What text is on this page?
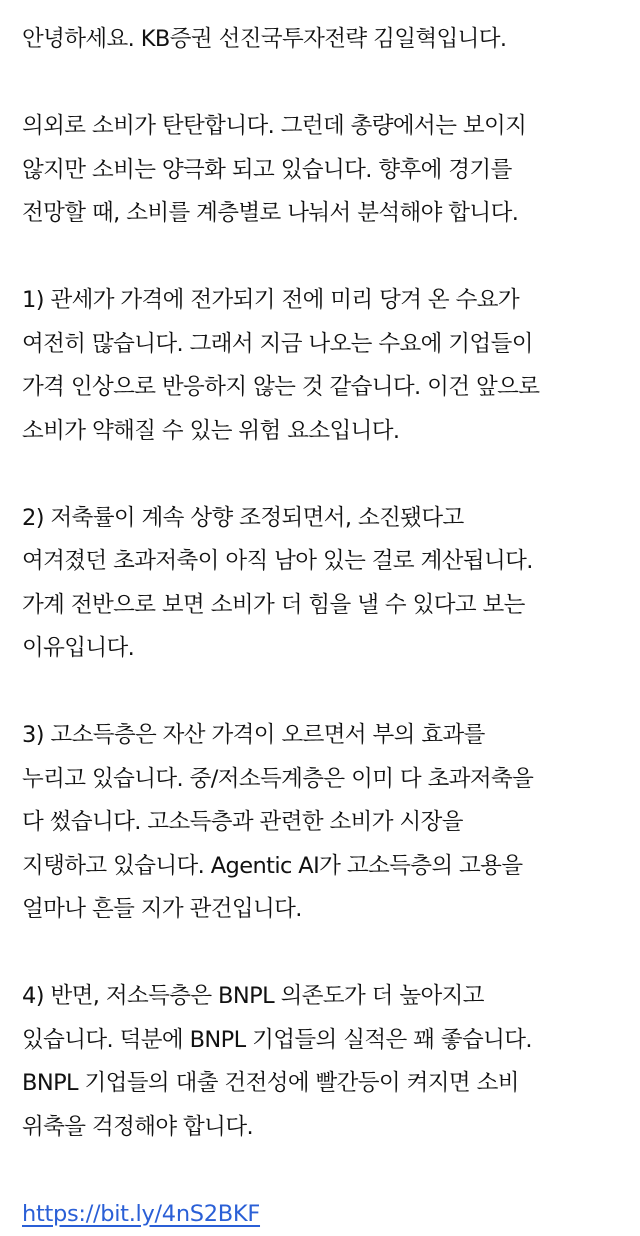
안녕하세요. KB증권 선진국투자전략 김일혁입니다.

의외로 소비가 탄탄합니다. 그런데 총량에서는 보이지
않지만 소비는 양극화 되고 있습니다. 향후에 경기를
전망할 때, 소비를 계층별로 나눠서 분석해야 합니다.

1) 관세가 가격에 전가되기 전에 미리 당겨 온 수요가
여전히 많습니다. 그래서 지금 나오는 수요에 기업들이
가격 인상으로 반응하지 않는 것 같습니다. 이건 앞으로
소비가 약해질 수 있는 위험 요소입니다.

2) 저축률이 계속 상향 조정되면서, 소진됐다고
여겨졌던 초과저축이 아직 남아 있는 걸로 계산됩니다.
가계 전반으로 보면 소비가 더 힘을 낼 수 있다고 보는
이유입니다.

3) 고소득층은 자산 가격이 오르면서 부의 효과를
누리고 있습니다. 중/저소득계층은 이미 다 초과저축을
다 썼습니다. 고소득층과 관련한 소비가 시장을
지탱하고 있습니다. Agentic AI가 고소득층의 고용을
얼마나 흔들 지가 관건입니다.

4) 반면, 저소득층은 BNPL 의존도가 더 높아지고
있습니다. 덕분에 BNPL 기업들의 실적은 꽤 좋습니다.
BNPL 기업들의 대출 건전성에 빨간등이 켜지면 소비
위축을 걱정해야 합니다.

https://bit.ly/4nS2BKF
